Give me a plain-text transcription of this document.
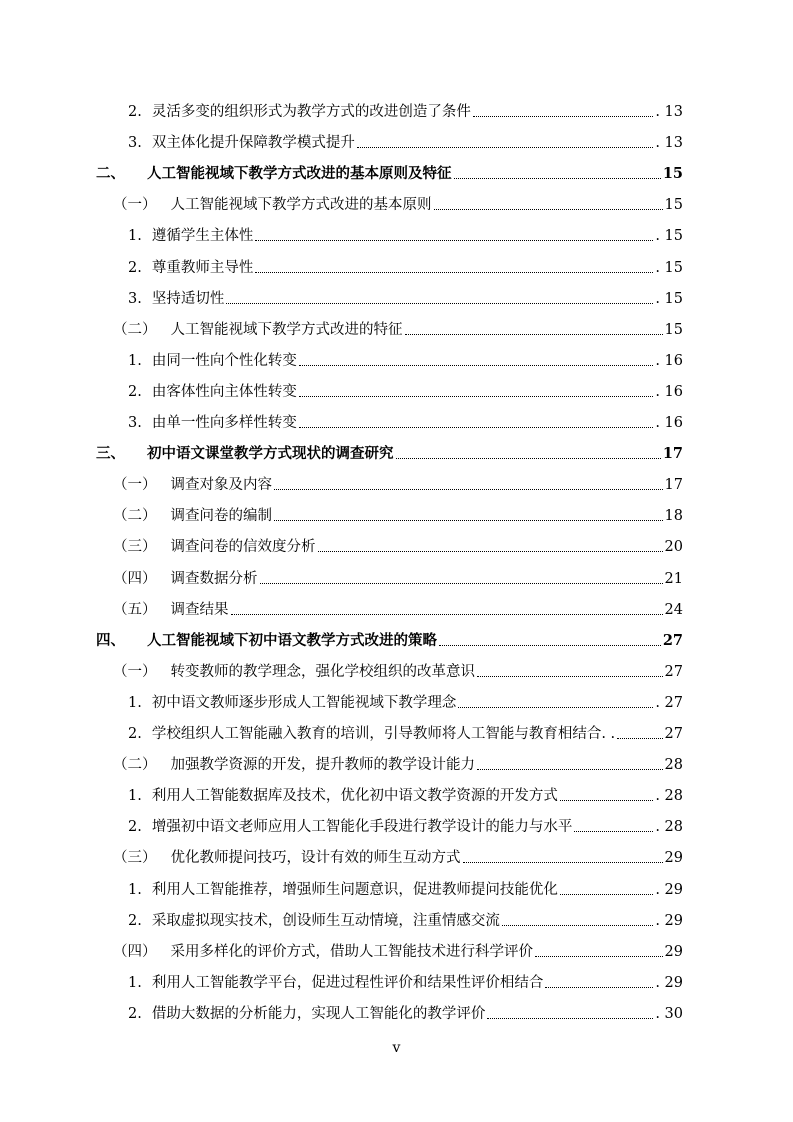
2. 灵活多变的组织形式为教学方式的改进创造了条件	. 13
3. 双主体化提升保障教学模式提升	. 13
二、 人工智能视域下教学方式改进的基本原则及特征	15
（一） 人工智能视域下教学方式改进的基本原则	15
1. 遵循学生主体性	. 15
2. 尊重教师主导性	. 15
3. 坚持适切性	. 15
（二） 人工智能视域下教学方式改进的特征	15
1. 由同一性向个性化转变	. 16
2. 由客体性向主体性转变	. 16
3. 由单一性向多样性转变	. 16
三、 初中语文课堂教学方式现状的调查研究	17
（一） 调查对象及内容	17
（二） 调查问卷的编制	18
（三） 调查问卷的信效度分析	20
（四） 调查数据分析	21
（五） 调查结果	24
四、 人工智能视域下初中语文教学方式改进的策略	27
（一） 转变教师的教学理念，强化学校组织的改革意识	27
1. 初中语文教师逐步形成人工智能视域下教学理念	. 27
2. 学校组织人工智能融入教育的培训，引导教师将人工智能与教育相结合. .	27
（二） 加强教学资源的开发，提升教师的教学设计能力	28
1. 利用人工智能数据库及技术，优化初中语文教学资源的开发方式	. 28
2. 增强初中语文老师应用人工智能化手段进行教学设计的能力与水平	. 28
（三） 优化教师提问技巧，设计有效的师生互动方式	29
1. 利用人工智能推荐，增强师生问题意识，促进教师提问技能优化	. 29
2. 采取虚拟现实技术，创设师生互动情境，注重情感交流	. 29
（四） 采用多样化的评价方式，借助人工智能技术进行科学评价	29
1. 利用人工智能教学平台，促进过程性评价和结果性评价相结合	. 29
2. 借助大数据的分析能力，实现人工智能化的教学评价	. 30
v
